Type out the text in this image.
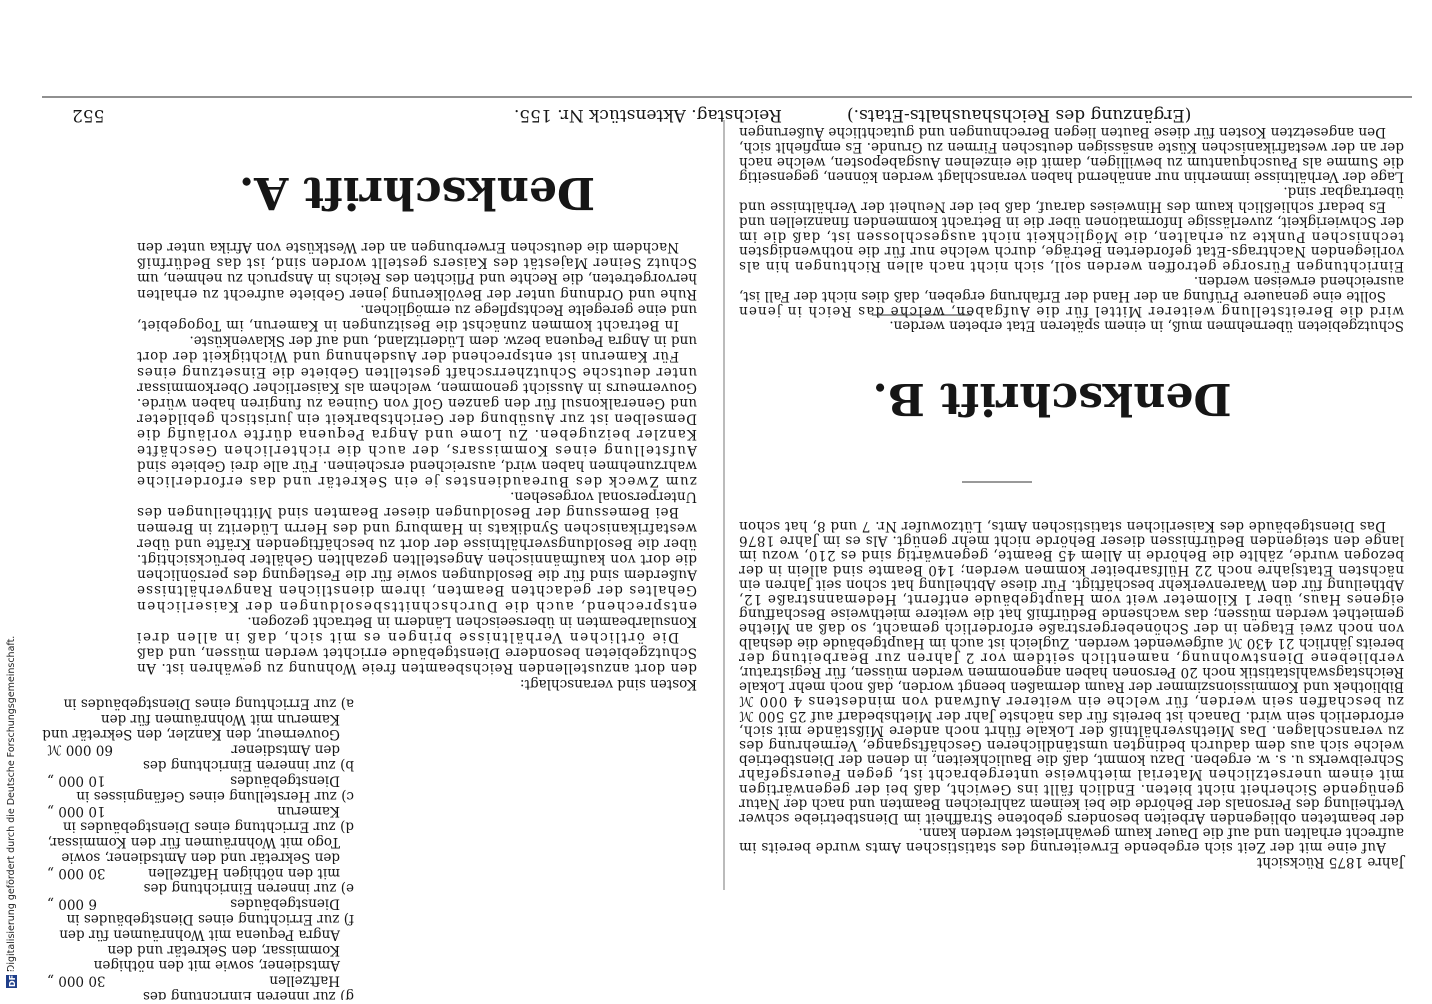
Digitalisierung gefördert durch die Deutsche Forschungsgemeinschaft.
DFG
(Ergänzung des Reichshaushalts-Etats.)
Reichstag. Aktenstück Nr. 155.
552
Denkschrift A.
Nachdem die deutschen Erwerbungen an der Westküste von Afrika unter den
Schutz Seiner Majestät des Kaisers gestellt worden sind, ist das Bedürfniß
hervorgetreten, die Rechte und Pflichten des Reichs in Anspruch zu nehmen, um
Ruhe und Ordnung unter der Bevölkerung jener Gebiete aufrecht zu erhalten
und eine geregelte Rechtspflege zu ermöglichen.
In Betracht kommen zunächst die Besitzungen in Kamerun, im Togogebiet,
und in Angra Pequena bezw. dem Lüderitzland, und auf der Sklavenküste.
Für Kamerun ist entsprechend der Ausdehnung und Wichtigkeit der dort
unter deutsche Schutzherrschaft gestellten Gebiete die Einsetzung eines
Gouverneurs in Aussicht genommen, welchem als Kaiserlicher Oberkommissar
und Generalkonsul für den ganzen Golf von Guinea zu fungiren haben würde.
Demselben ist zur Ausübung der Gerichtsbarkeit ein juristisch gebildeter
Kanzler beizugeben. Zu Lome und Angra Pequena dürfte vorläufig die
Aufstellung eines Kommissars, der auch die richterlichen Geschäfte
wahrzunehmen haben wird, ausreichend erscheinen. Für alle drei Gebiete sind
zum Zweck des Bureaudienstes je ein Sekretär und das erforderliche
Unterpersonal vorgesehen.
Bei Bemessung der Besoldungen dieser Beamten sind Mittheilungen des
westafrikanischen Syndikats in Hamburg und des Herrn Lüderitz in Bremen
über die Besoldungsverhältnisse der dort zu beschäftigenden Kräfte und über
die dort von kaufmännischen Angestellten gezahlten Gehälter berücksichtigt.
Außerdem sind für die Besoldungen sowie für die Festlegung des persönlichen
Gehaltes der gedachten Beamten, ihrem dienstlichen Rangverhältnisse
entsprechend, auch die Durchschnittsbesoldungen der Kaiserlichen
Konsularbeamten in überseeischen Ländern in Betracht gezogen.
Die örtlichen Verhältnisse bringen es mit sich, daß in allen drei
Schutzgebieten besondere Dienstgebäude errichtet werden müssen, und daß
den dort anzustellenden Reichsbeamten freie Wohnung zu gewähren ist. An
Kosten sind veranschlagt:
a) zur Errichtung eines Dienstgebäudes in
Kamerun mit Wohnräumen für den
Gouverneur, den Kanzler, den Sekretär und
den Amtsdiener
60 000 ℳ
b) zur inneren Einrichtung des
Dienstgebäudes
10 000 „
c) zur Herstellung eines Gefängnisses in
Kamerun
10 000 „
d) zur Errichtung eines Dienstgebäudes in
Togo mit Wohnräumen für den Kommissar,
den Sekretär und den Amtsdiener, sowie
mit den nöthigen Haftzellen
30 000 „
e) zur inneren Einrichtung des
Dienstgebäudes
6 000 „
f) zur Errichtung eines Dienstgebäudes in
Angra Pequena mit Wohnräumen für den
Kommissar, den Sekretär und den
Amtsdiener, sowie mit den nöthigen
Haftzellen
30 000 „
g) zur inneren Einrichtung des
Den angesetzten Kosten für diese Bauten liegen Berechnungen und gutachtliche Äußerungen
der an der westafrikanischen Küste ansässigen deutschen Firmen zu Grunde. Es empfiehlt sich,
die Summe als Pauschquantum zu bewilligen, damit die einzelnen Ausgabeposten, welche nach
Lage der Verhältnisse immerhin nur annähernd haben veranschlagt werden können, gegenseitig
übertragbar sind.
Es bedarf schließlich kaum des Hinweises darauf, daß bei der Neuheit der Verhältnisse und
der Schwierigkeit, zuverlässige Informationen über die in Betracht kommenden finanziellen und
technischen Punkte zu erhalten, die Möglichkeit nicht ausgeschlossen ist, daß die im
vorliegenden Nachtrags-Etat geforderten Beträge, durch welche nur für die nothwendigsten
Einrichtungen Fürsorge getroffen werden soll, sich nicht nach allen Richtungen hin als
ausreichend erweisen werden.
Sollte eine genauere Prüfung an der Hand der Erfahrung ergeben, daß dies nicht der Fall ist,
wird die Bereitstellung weiterer Mittel für die Aufgaben, welche das Reich in jenen
Schutzgebieten übernehmen muß, in einem späteren Etat erbeten werden.
Denkschrift B.
Das Dienstgebäude des Kaiserlichen statistischen Amts, Lützowufer Nr. 7 und 8, hat schon
lange den steigenden Bedürfnissen dieser Behörde nicht mehr genügt. Als es im Jahre 1876
bezogen wurde, zählte die Behörde in Allem 45 Beamte, gegenwärtig sind es 210, wozu im
nächsten Etatsjahre noch 22 Hülfsarbeiter kommen werden; 140 Beamte sind allein in der
Abtheilung für den Waarenverkehr beschäftigt. Für diese Abtheilung hat schon seit Jahren ein
eigenes Haus, über 1 Kilometer weit vom Hauptgebäude entfernt, Hedemannstraße 12,
gemiethet werden müssen; das wachsende Bedürfniß hat die weitere miethweise Beschaffung
von noch zwei Etagen in der Schönebergerstraße erforderlich gemacht, so daß an Miethe
bereits jährlich 21 430 ℳ aufgewendet werden. Zugleich ist auch im Hauptgebäude die deshalb
verbliebene Dienstwohnung, namentlich seitdem vor 2 Jahren zur Bearbeitung der
Reichstagswahlstatistik noch 20 Personen haben angenommen werden müssen, für Registratur,
Bibliothek und Kommissionszimmer der Raum dermaßen beengt worden, daß noch mehr Lokale
zu beschaffen sein werden, für welche ein weiterer Aufwand von mindestens 4 000 ℳ
erforderlich sein wird. Danach ist bereits für das nächste Jahr der Miethsbedarf auf 25 500 ℳ
zu veranschlagen. Das Miethsverhältniß der Lokale führt noch andere Mißstände mit sich,
welche sich aus dem dadurch bedingten umständlicheren Geschäftsgange, Vermehrung des
Schreibwerks u. s. w. ergeben. Dazu kommt, daß die Baulichkeiten, in denen der Dienstbetrieb
mit einem unersetzlichen Material miethweise untergebracht ist, gegen Feuersgefahr
genügende Sicherheit nicht bieten. Endlich fällt ins Gewicht, daß bei der gegenwärtigen
Vertheilung des Personals der Behörde die bei keinem zahlreichen Beamten und nach der Natur
der beamteten obliegenden Arbeiten besonders gebotene Straffheit im Dienstbetriebe schwer
aufrecht erhalten und auf die Dauer kaum gewährleistet werden kann.
Auf eine mit der Zeit sich ergebende Erweiterung des statistischen Amts wurde bereits im
Jahre 1875 Rücksicht
